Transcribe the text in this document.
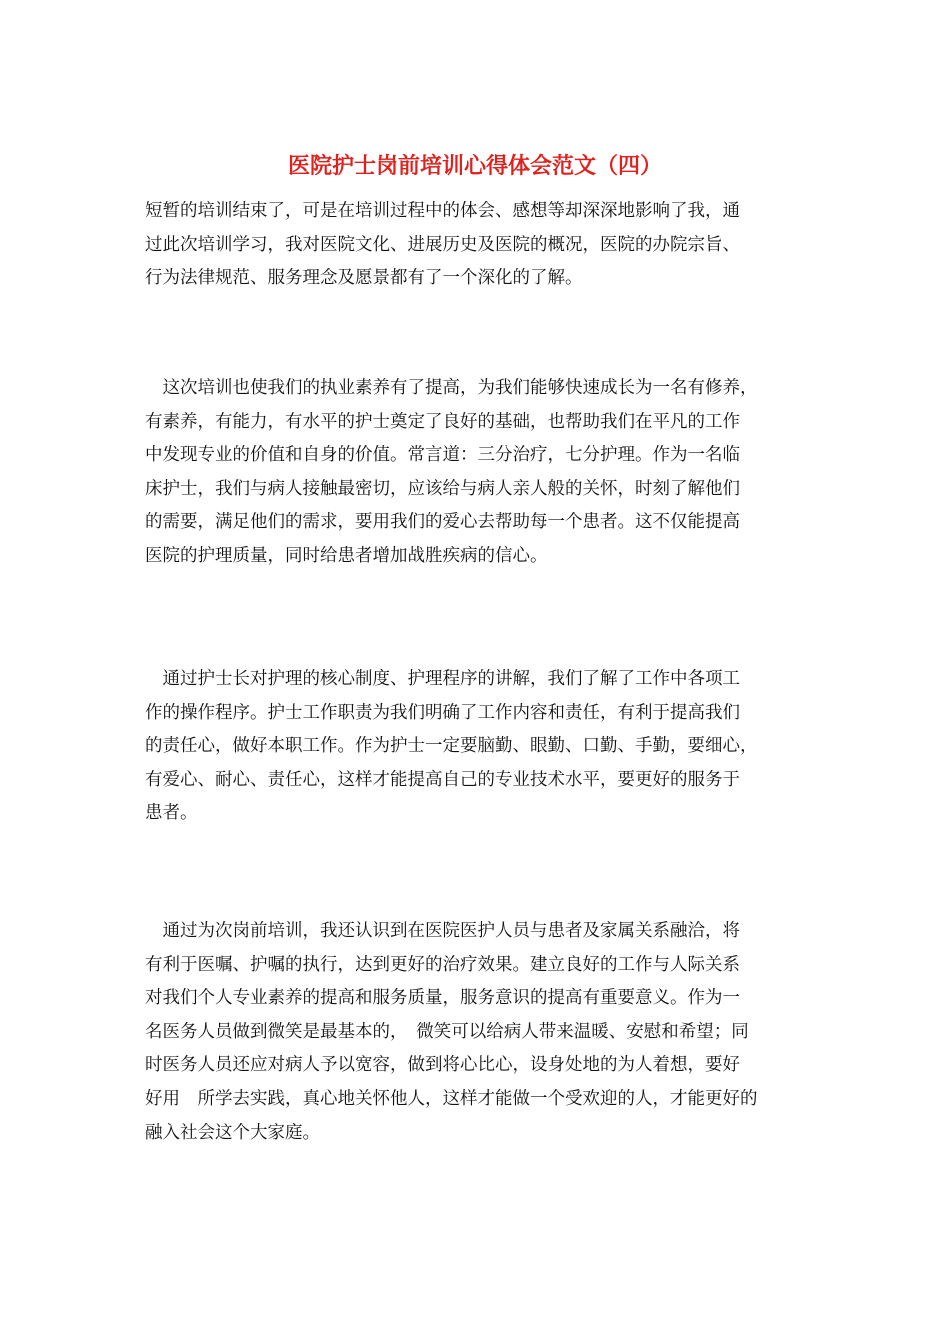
医院护士岗前培训心得体会范文（四）

短暂的培训结束了，可是在培训过程中的体会、感想等却深深地影响了我，通
过此次培训学习，我对医院文化、进展历史及医院的概况，医院的办院宗旨、
行为法律规范、服务理念及愿景都有了一个深化的了解。

　这次培训也使我们的执业素养有了提高，为我们能够快速成长为一名有修养，
有素养，有能力，有水平的护士奠定了良好的基础，也帮助我们在平凡的工作
中发现专业的价值和自身的价值。常言道：三分治疗，七分护理。作为一名临
床护士，我们与病人接触最密切，应该给与病人亲人般的关怀，时刻了解他们
的需要，满足他们的需求，要用我们的爱心去帮助每一个患者。这不仅能提高
医院的护理质量，同时给患者增加战胜疾病的信心。

　通过护士长对护理的核心制度、护理程序的讲解，我们了解了工作中各项工
作的操作程序。护士工作职责为我们明确了工作内容和责任，有利于提高我们
的责任心，做好本职工作。作为护士一定要脑勤、眼勤、口勤、手勤，要细心，
有爱心、耐心、责任心，这样才能提高自己的专业技术水平，要更好的服务于
患者。

　通过为次岗前培训，我还认识到在医院医护人员与患者及家属关系融洽，将
有利于医嘱、护嘱的执行，达到更好的治疗效果。建立良好的工作与人际关系
对我们个人专业素养的提高和服务质量，服务意识的提高有重要意义。作为一
名医务人员做到微笑是最基本的，　微笑可以给病人带来温暖、安慰和希望；同
时医务人员还应对病人予以宽容，做到将心比心，设身处地的为人着想，要好
好用　所学去实践，真心地关怀他人，这样才能做一个受欢迎的人，才能更好的
融入社会这个大家庭。
